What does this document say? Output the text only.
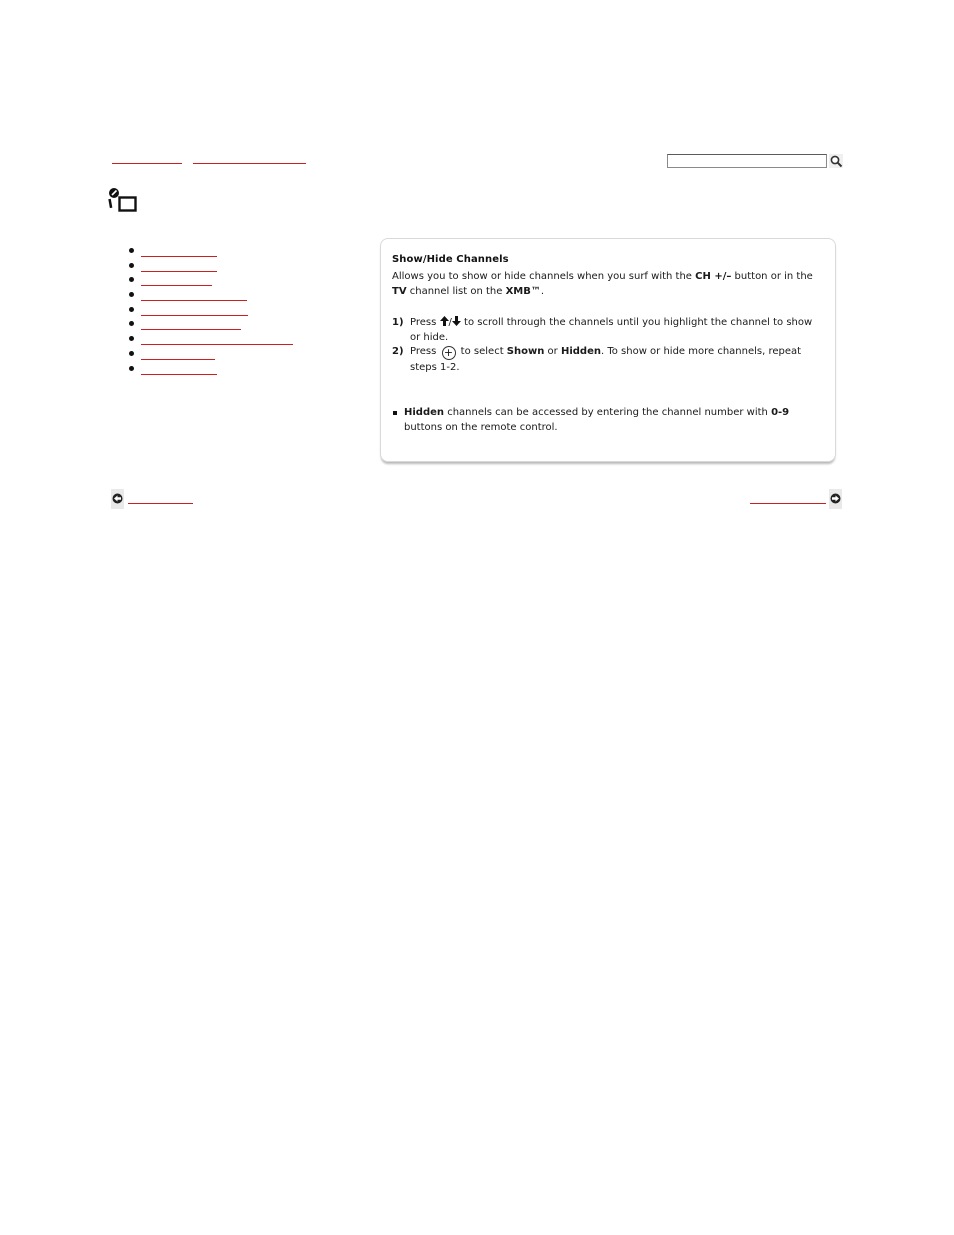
Show/Hide Channels
Allows you to show or hide channels when you surf with the CH +/– button or in the TV channel list on the XMB™.
1) Press / to scroll through the channels until you highlight the channel to show or hide.
2) Press + to select Shown or Hidden. To show or hide more channels, repeat steps 1-2.
Hidden channels can be accessed by entering the channel number with 0-9 buttons on the remote control.
